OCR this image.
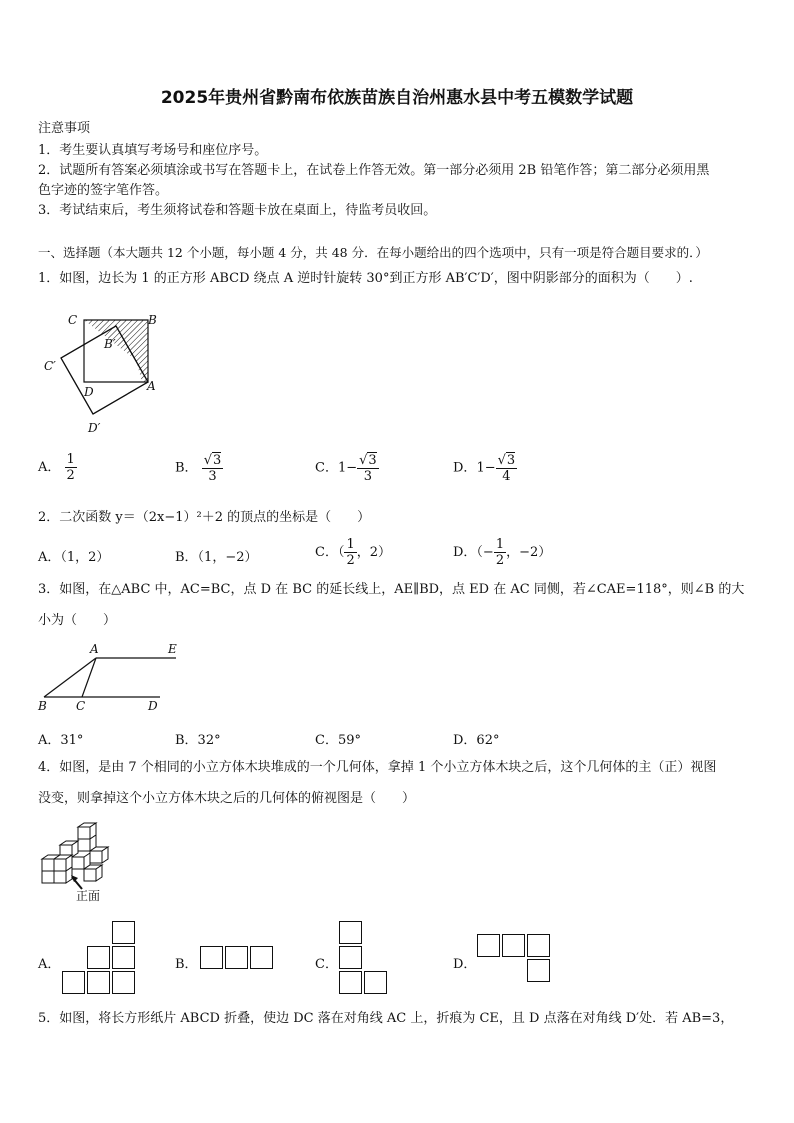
2025年贵州省黔南布依族苗族自治州惠水县中考五模数学试题
注意事项
1．考生要认真填写考场号和座位序号。
2．试题所有答案必须填涂或书写在答题卡上，在试卷上作答无效。第一部分必须用 2B 铅笔作答；第二部分必须用黑
色字迹的签字笔作答。
3．考试结束后，考生须将试卷和答题卡放在桌面上，待监考员收回。
一、选择题（本大题共 12 个小题，每小题 4 分，共 48 分．在每小题给出的四个选项中，只有一项是符合题目要求的．）
1．如图，边长为 1 的正方形 ABCD 绕点 A 逆时针旋转 30°到正方形 AB′C′D′，图中阴影部分的面积为（　　）.
C	B
B′
C′
D	A
D′
A． $\frac{1}{2}$	B． $\frac{√3}{3}$	C．$1- \frac{√3}{3}$	D．$1- \frac{√3}{4}$
2．二次函数 y＝（2x−1）²＋2 的顶点的坐标是（　　）
A．（1，2）	B．（1，−2）	C．（ $\frac{1}{2}$ ，2）	D．（− $\frac{1}{2}$ ，−2）
3．如图，在△ABC 中，AC=BC，点 D 在 BC 的延长线上，AE∥BD，点 ED 在 AC 同侧，若∠CAE=118°，则∠B 的大
小为（　　）
A	E
B C	D
A．31°	B．32°	C．59°	D．62°
4．如图，是由 7 个相同的小立方体木块堆成的一个几何体，拿掉 1 个小立方体木块之后，这个几何体的主（正）视图
没变，则拿掉这个小立方体木块之后的几何体的俯视图是（　　）
正面
A．	B．	C．	D．
5．如图，将长方形纸片 ABCD 折叠，使边 DC 落在对角线 AC 上，折痕为 CE，且 D 点落在对角线 D′处．若 AB=3，
